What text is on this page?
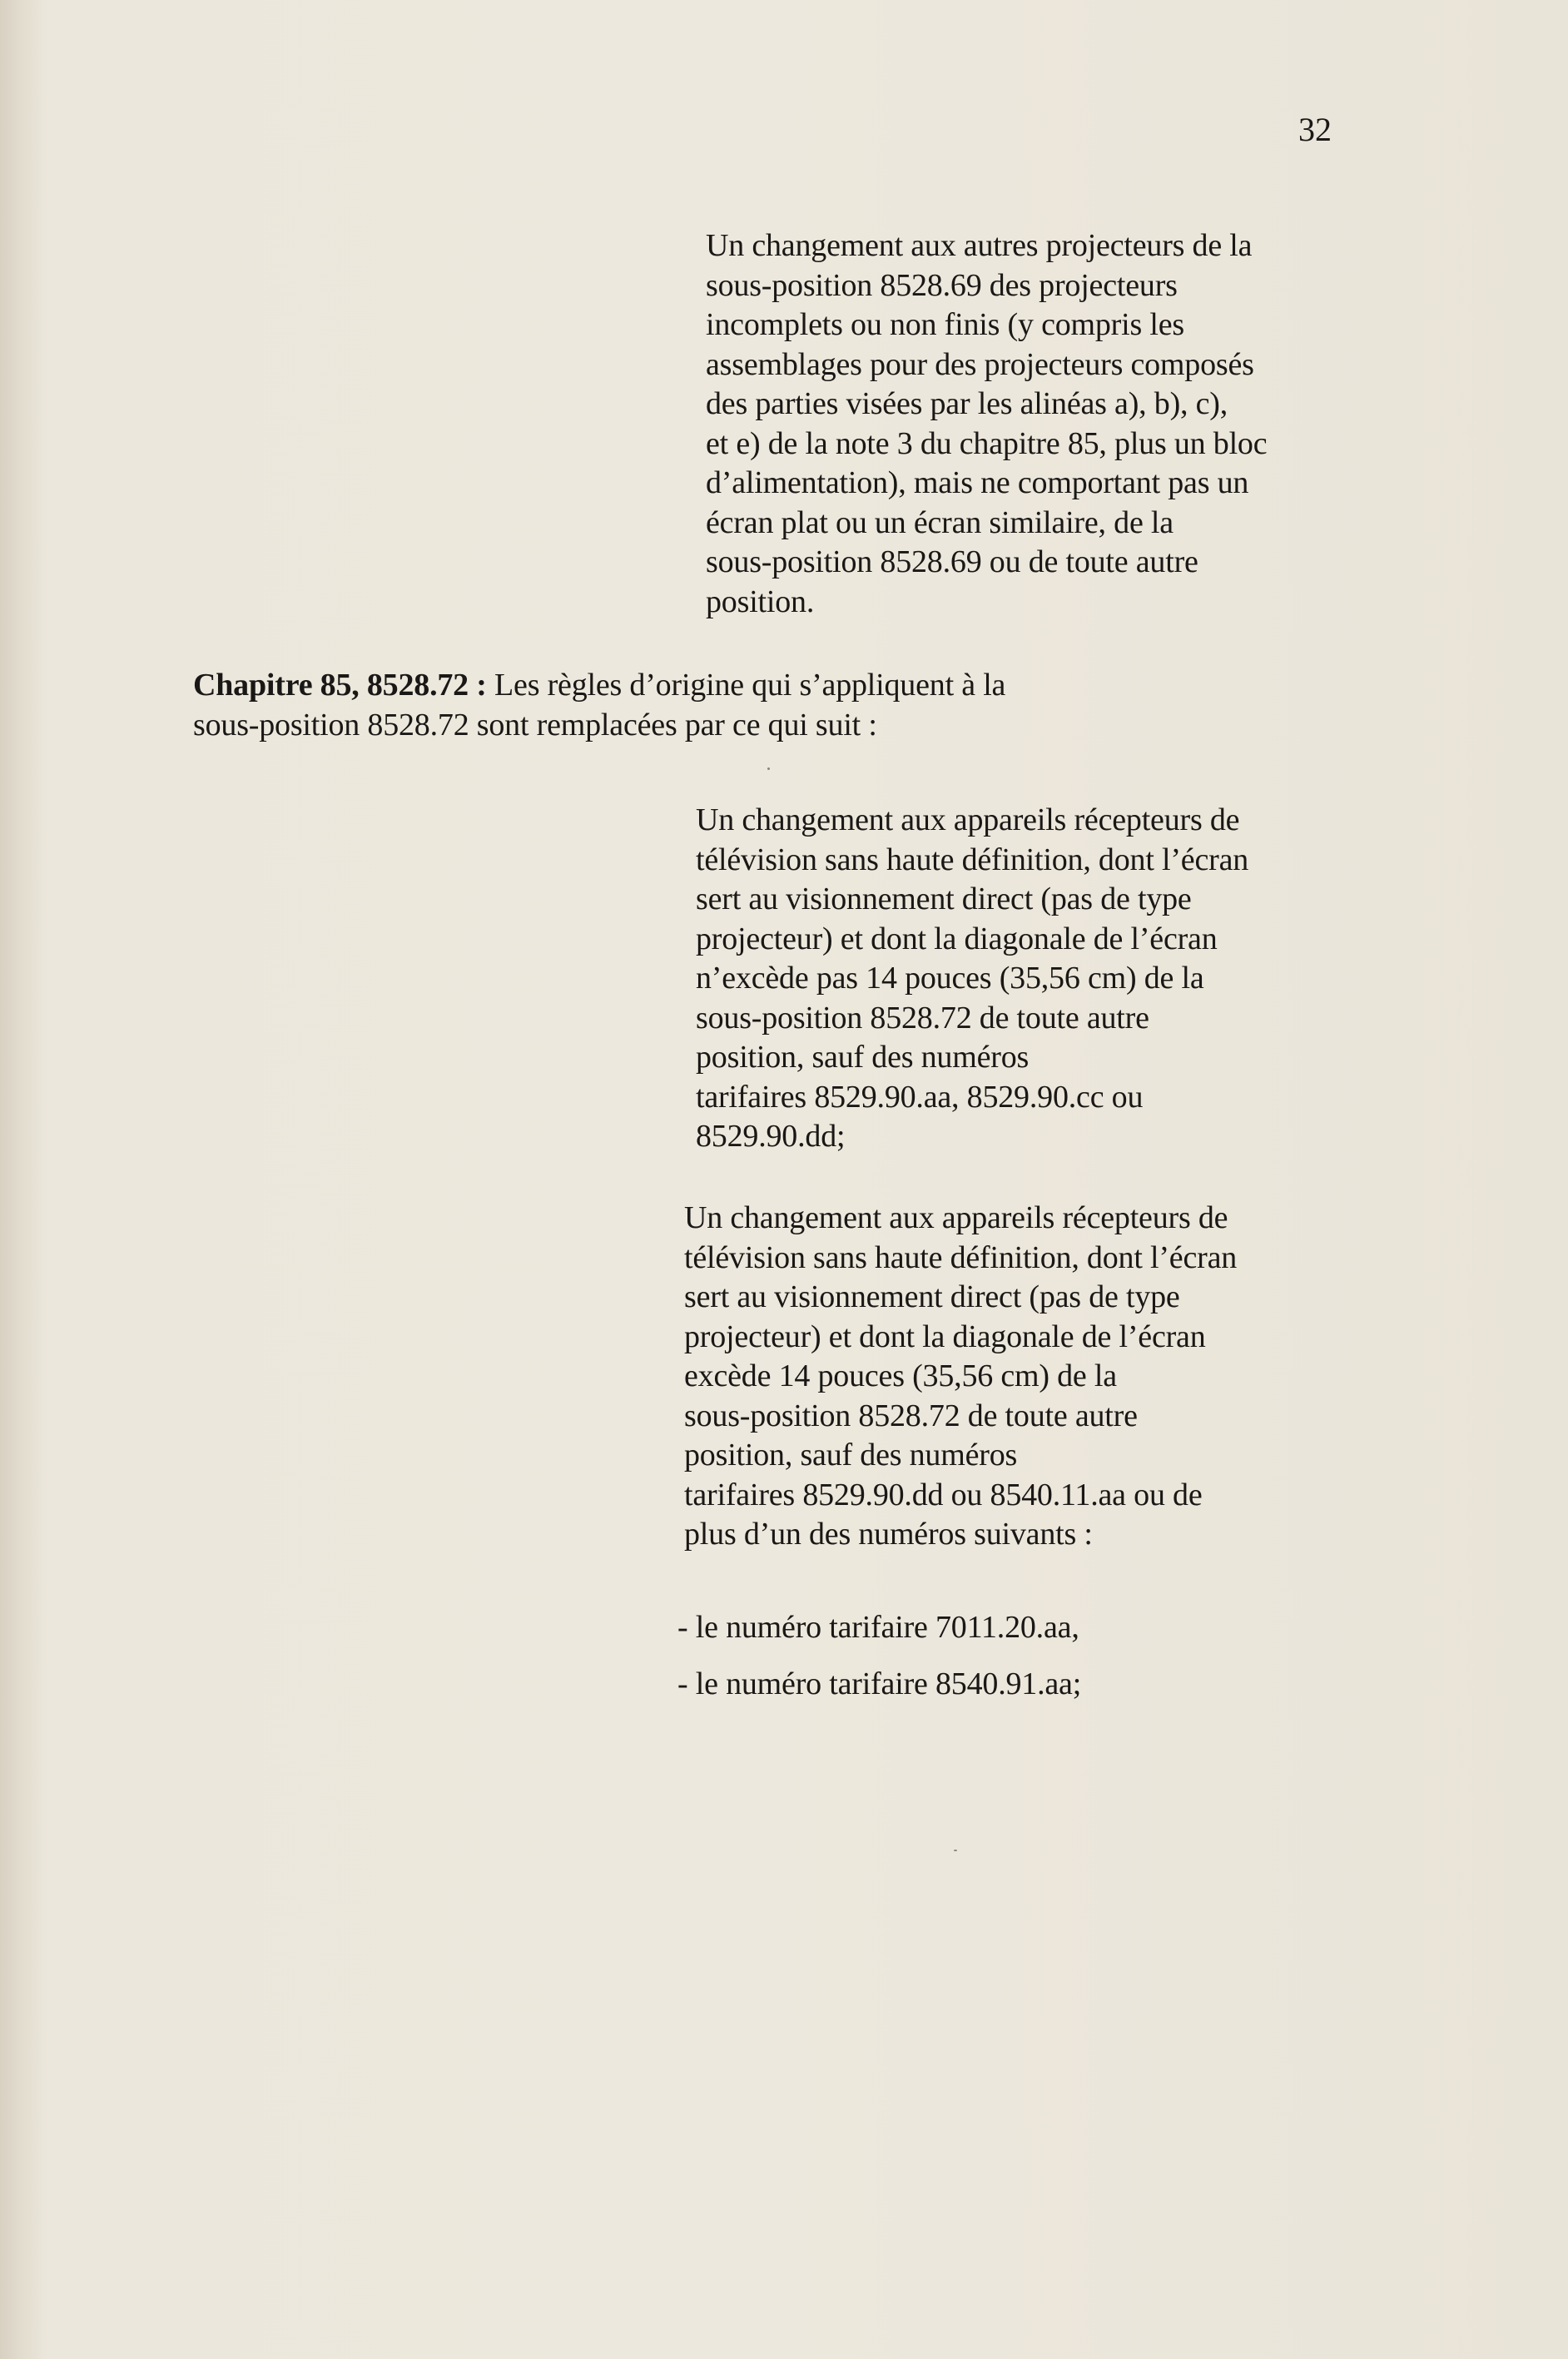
32
Un changement aux autres projecteurs de la
sous-position 8528.69 des projecteurs
incomplets ou non finis (y compris les
assemblages pour des projecteurs composés
des parties visées par les alinéas a), b), c),
et e) de la note 3 du chapitre 85, plus un bloc
d’alimentation), mais ne comportant pas un
écran plat ou un écran similaire, de la
sous-position 8528.69 ou de toute autre
position.
Chapitre 85, 8528.72 : Les règles d’origine qui s’appliquent à la
sous-position 8528.72 sont remplacées par ce qui suit :
Un changement aux appareils récepteurs de
télévision sans haute définition, dont l’écran
sert au visionnement direct (pas de type
projecteur) et dont la diagonale de l’écran
n’excède pas 14 pouces (35,56 cm) de la
sous-position 8528.72 de toute autre
position, sauf des numéros
tarifaires 8529.90.aa, 8529.90.cc ou
8529.90.dd;
Un changement aux appareils récepteurs de
télévision sans haute définition, dont l’écran
sert au visionnement direct (pas de type
projecteur) et dont la diagonale de l’écran
excède 14 pouces (35,56 cm) de la
sous-position 8528.72 de toute autre
position, sauf des numéros
tarifaires 8529.90.dd ou 8540.11.aa ou de
plus d’un des numéros suivants :
- le numéro tarifaire 7011.20.aa,
- le numéro tarifaire 8540.91.aa;
